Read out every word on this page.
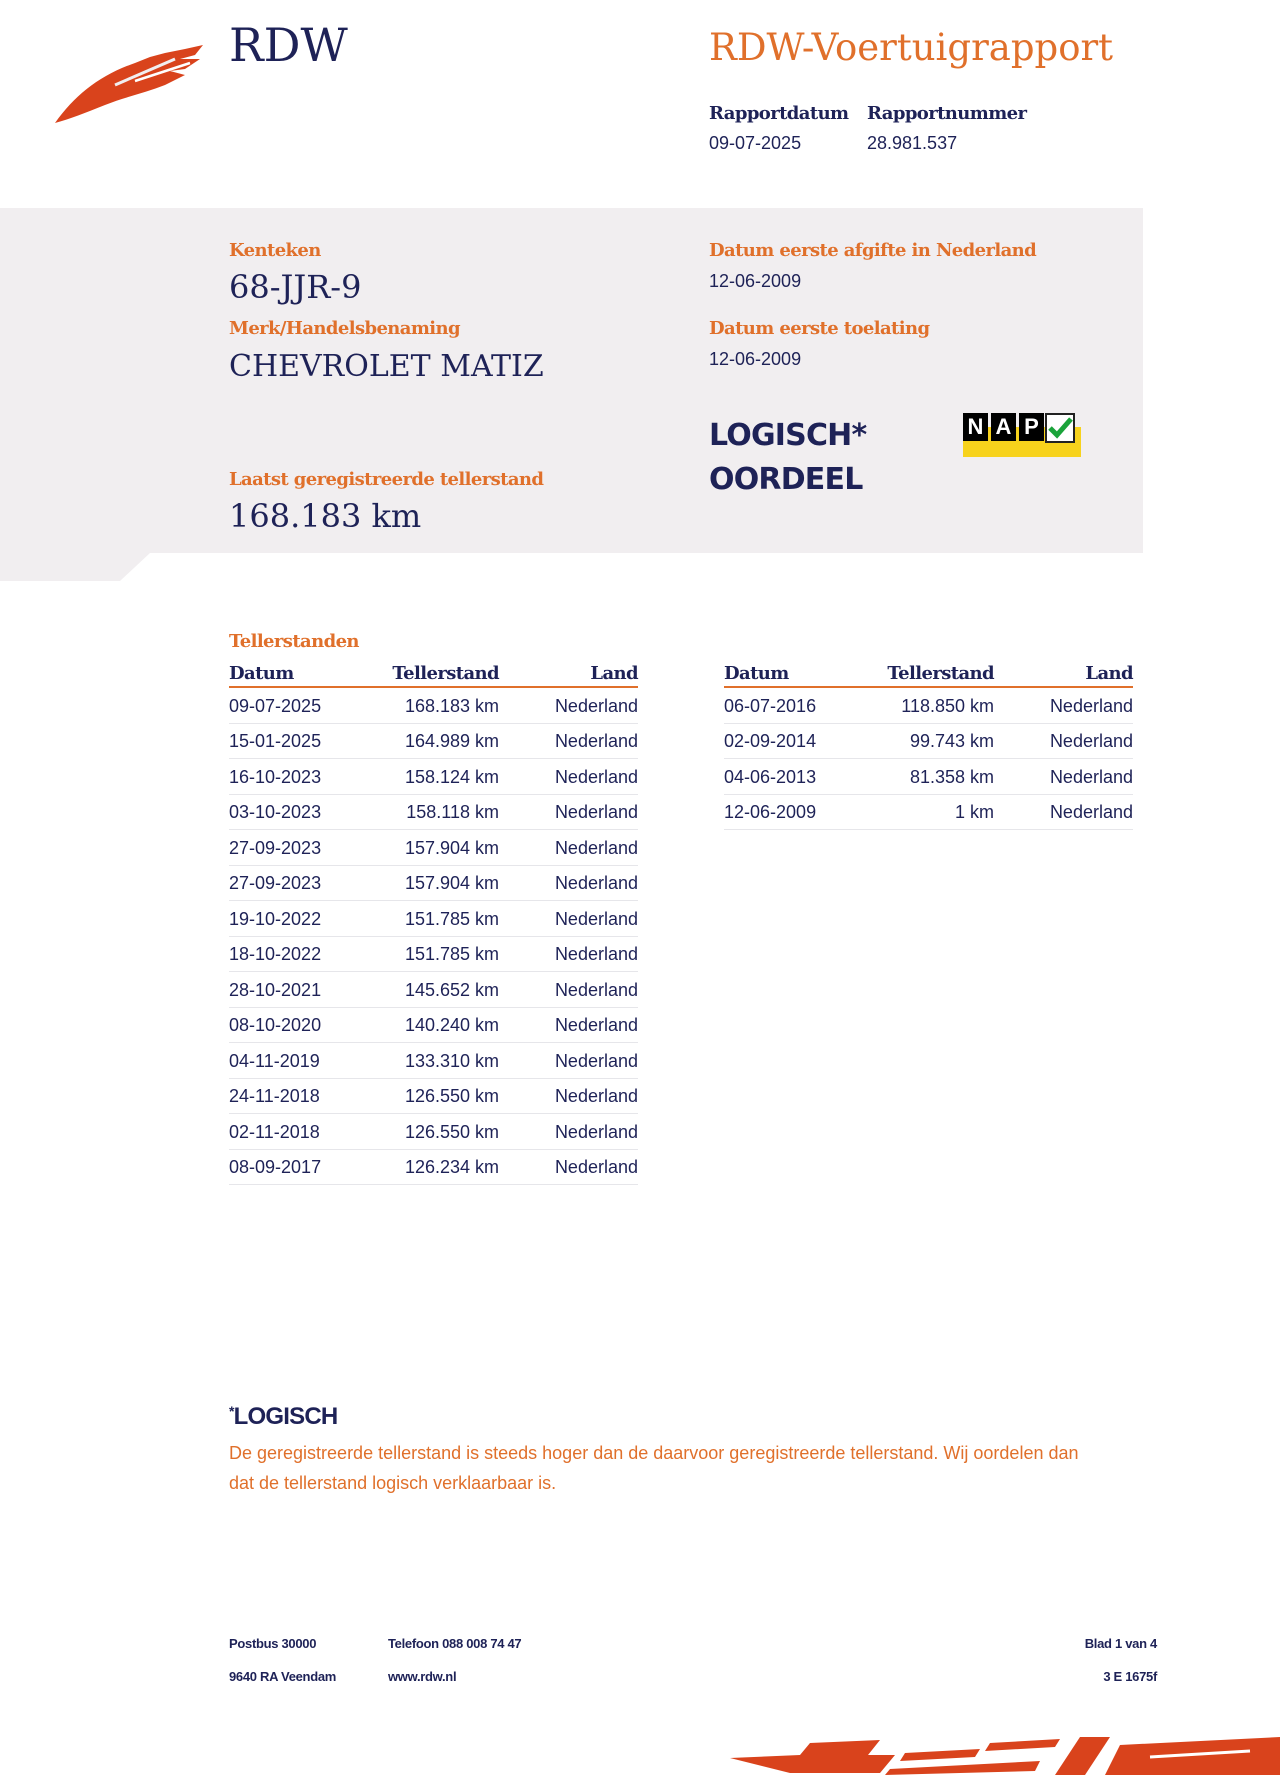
RDW	RDW-Voertuigrapport
Rapportdatum
09-07-2025
Rapportnummer
28.981.537
Kenteken
68-JJR-9
Merk/Handelsbenaming
CHEVROLET MATIZ
Laatst geregistreerde tellerstand
168.183 km
Datum eerste afgifte in Nederland
12-06-2009
Datum eerste toelating
12-06-2009
LOGISCH*
OORDEEL
N A P
Tellerstanden
Datum	Tellerstand	Land
09-07-2025	168.183 km	Nederland
15-01-2025	164.989 km	Nederland
16-10-2023	158.124 km	Nederland
03-10-2023	158.118 km	Nederland
27-09-2023	157.904 km	Nederland
27-09-2023	157.904 km	Nederland
19-10-2022	151.785 km	Nederland
18-10-2022	151.785 km	Nederland
28-10-2021	145.652 km	Nederland
08-10-2020	140.240 km	Nederland
04-11-2019	133.310 km	Nederland
24-11-2018	126.550 km	Nederland
02-11-2018	126.550 km	Nederland
08-09-2017	126.234 km	Nederland
Datum	Tellerstand	Land
06-07-2016	118.850 km	Nederland
02-09-2014	99.743 km	Nederland
04-06-2013	81.358 km	Nederland
12-06-2009	1 km	Nederland
*LOGISCH
De geregistreerde tellerstand is steeds hoger dan de daarvoor geregistreerde tellerstand. Wij oordelen dan
dat de tellerstand logisch verklaarbaar is.
Postbus 30000
9640 RA Veendam
Telefoon 088 008 74 47
www.rdw.nl
Blad 1 van 4
3 E 1675f
